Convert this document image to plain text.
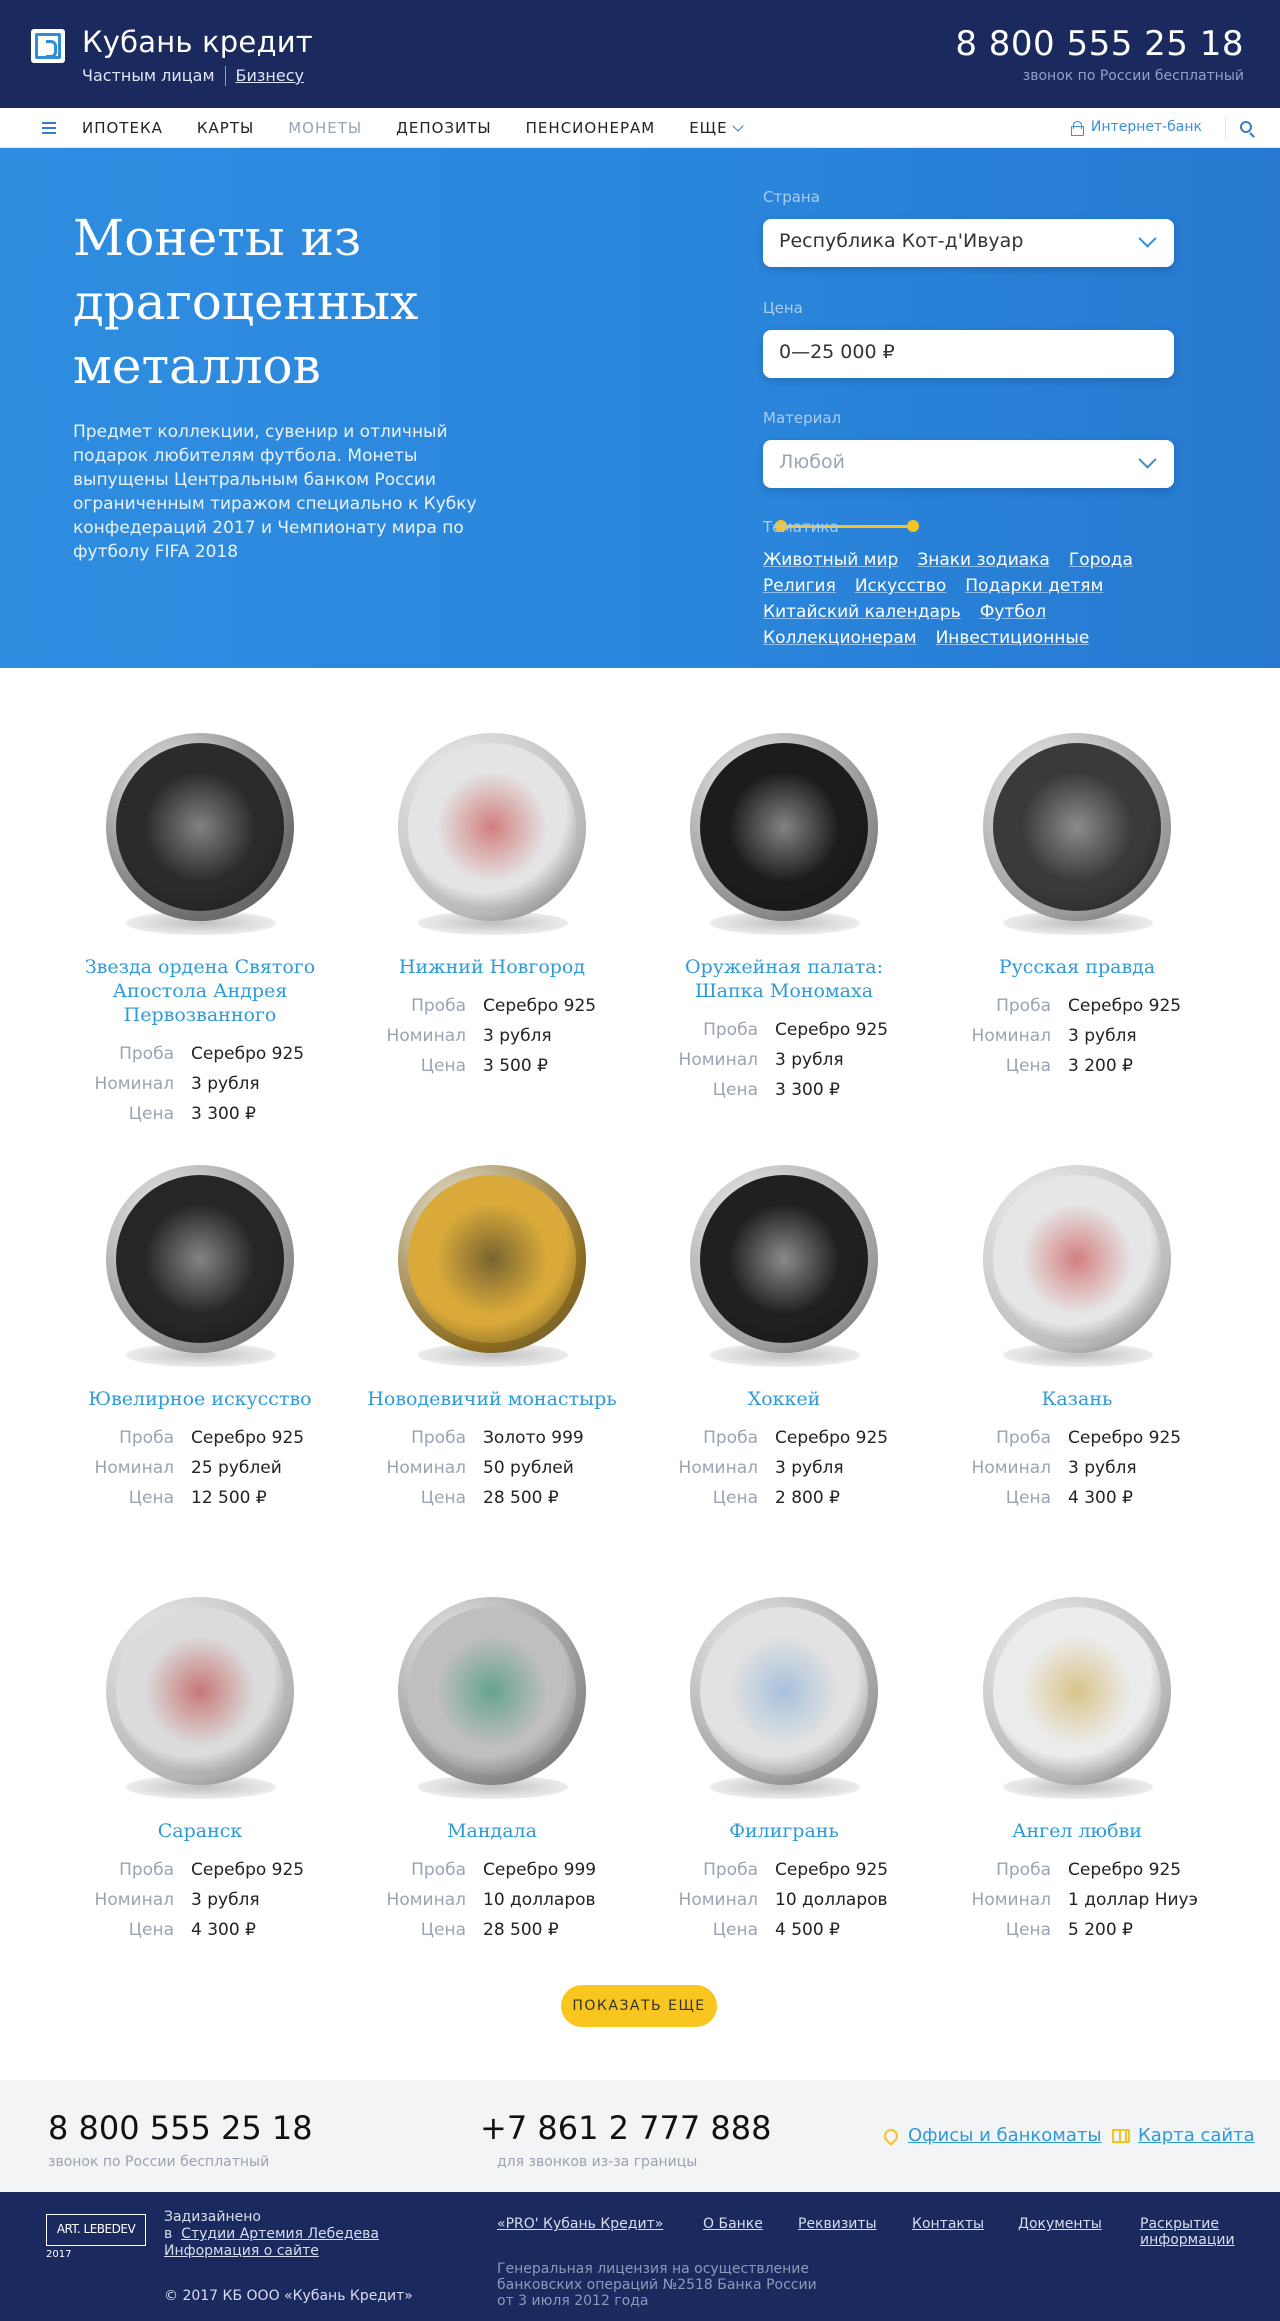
Кубань кредит
Частным лицам Бизнесу
8 800 555 25 18
звонок по России бесплатный
ИПОТЕКА КАРТЫ МОНЕТЫ ДЕПОЗИТЫ ПЕНСИОНЕРАМ ЕЩЕ	Интернет-банк
Монеты из драгоценных металлов
Предмет коллекции, сувенир и отличный подарок любителям футбола. Монеты выпущены Центральным банком России ограниченным тиражом специально к Кубку конфедераций 2017 и Чемпионату мира по футболу FIFA 2018
Страна
Республика Кот-д'Ивуар
Цена
0—25 000 ₽
Материал
Любой
Тематика
Животный мир Знаки зодиака ГородаРелигия Искусство Подарки детямКитайский календарь ФутболКоллекционерам Инвестиционные
ПОКАЗАТЬ ЕЩЕ
Звезда ордена Святого Апостола Андрея Первозванного
Проба	Серебро 925
Номинал	3 рубля
Цена	3 300 ₽
Нижний Новгород
Проба	Серебро 925
Номинал	3 рубля
Цена	3 500 ₽
Оружейная палата: Шапка Мономаха
Проба	Серебро 925
Номинал	3 рубля
Цена	3 300 ₽
Русская правда
Проба	Серебро 925
Номинал	3 рубля
Цена	3 200 ₽
Ювелирное искусство
Проба	Серебро 925
Номинал	25 рублей
Цена	12 500 ₽
Новодевичий монастырь
Проба	Золото 999
Номинал	50 рублей
Цена	28 500 ₽
Хоккей
Проба	Серебро 925
Номинал	3 рубля
Цена	2 800 ₽
Казань
Проба	Серебро 925
Номинал	3 рубля
Цена	4 300 ₽
Саранск
Проба	Серебро 925
Номинал	3 рубля
Цена	4 300 ₽
Мандала
Проба	Серебро 999
Номинал	10 долларов
Цена	28 500 ₽
Филигрань
Проба	Серебро 925
Номинал	10 долларов
Цена	4 500 ₽
Ангел любви
Проба	Серебро 925
Номинал	1 доллар Ниуэ
Цена	5 200 ₽
8 800 555 25 18
звонок по России бесплатный
+7 861 2 777 888
для звонков из-за границы
Офисы и банкоматы Карта сайта
ART. LEBEDEV
2017
Задизайнено
в Студии Артемия Лебедева
Информация о сайте
© 2017 КБ ООО «Кубань Кредит»
«PRO' Кубань Кредит»	О Банке	Реквизиты	Контакты Документы	Раскрытие информации
Генеральная лицензия на осуществление банковских операций №2518 Банка России от 3 июля 2012 года
